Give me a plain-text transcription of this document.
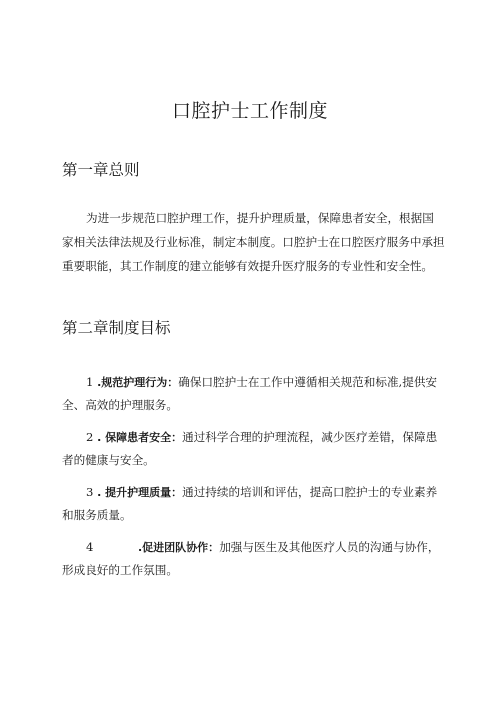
口腔护士工作制度
第一章总则

为进一步规范口腔护理工作，提升护理质量，保障患者安全，根据国
家相关法律法规及行业标准，制定本制度。口腔护士在口腔医疗服务中承担
重要职能，其工作制度的建立能够有效提升医疗服务的专业性和安全性。

第二章制度目标
1 .规范护理行为：确保口腔护士在工作中遵循相关规范和标准,提供安
全、高效的护理服务。
2 . 保障患者安全：通过科学合理的护理流程，减少医疗差错，保障患
者的健康与安全。
3 . 提升护理质量：通过持续的培训和评估，提高口腔护士的专业素养
和服务质量。
4	.促进团队协作：加强与医生及其他医疗人员的沟通与协作，
形成良好的工作氛围。
